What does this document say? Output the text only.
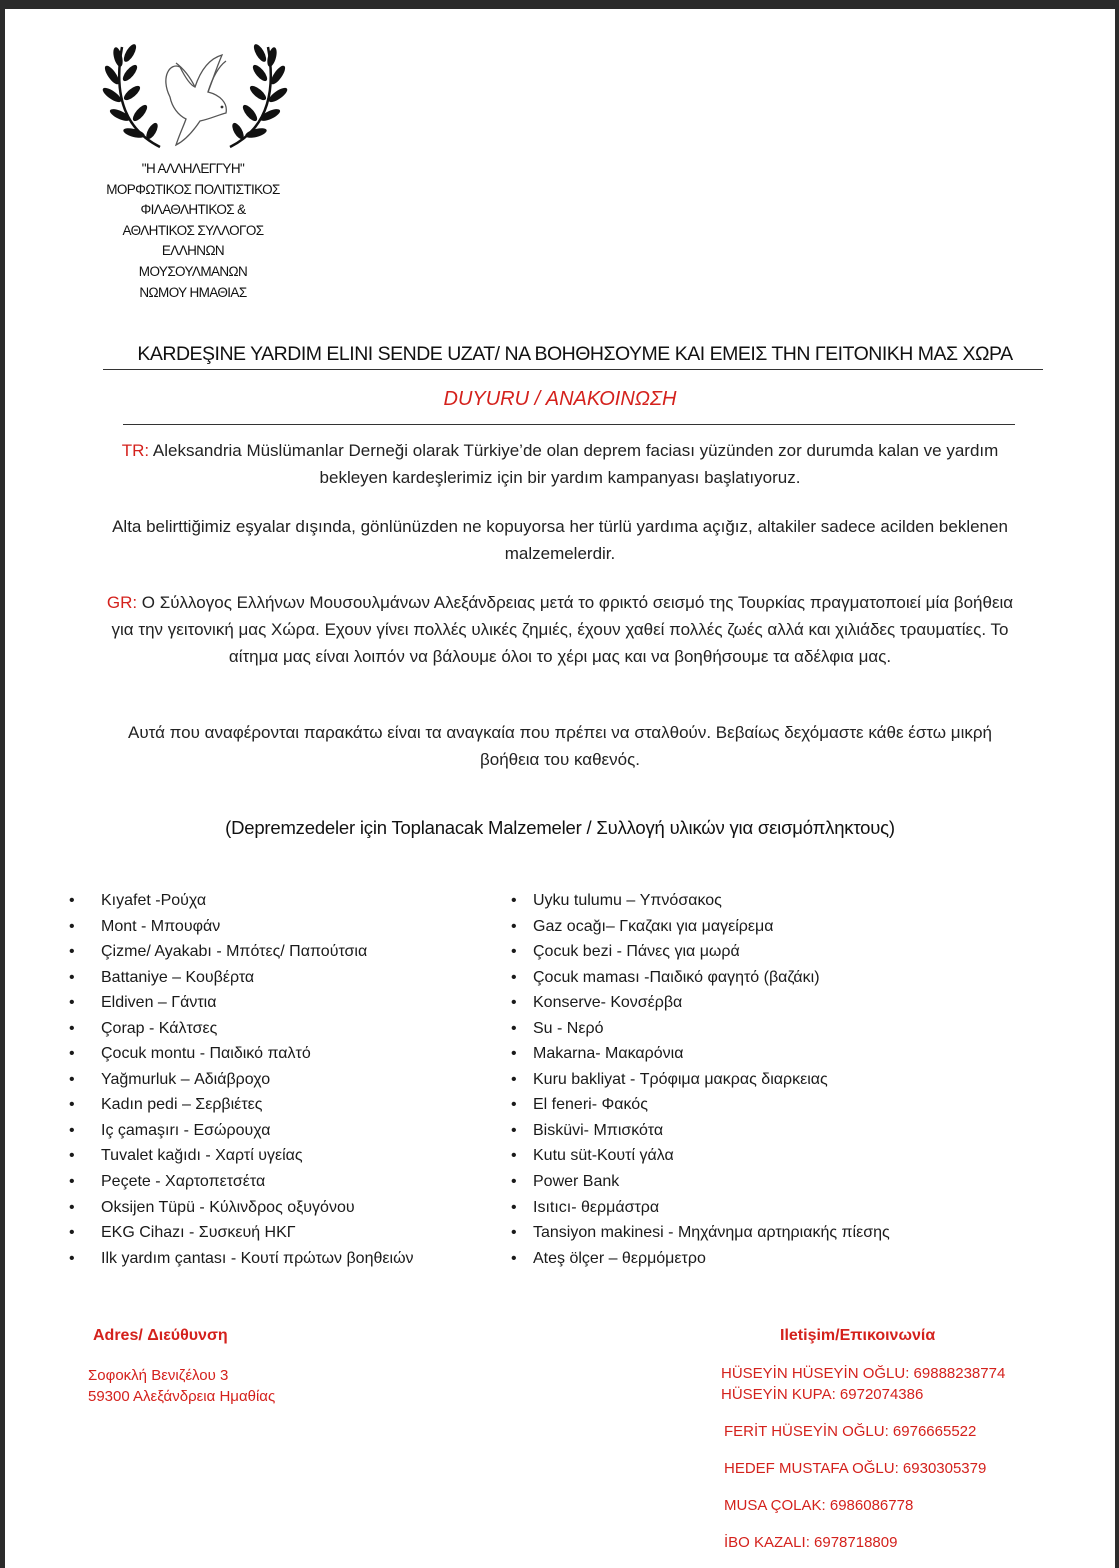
"Η ΑΛΛΗΛΕΓΓΥΗ"
ΜΟΡΦΩΤΙΚΟΣ ΠΟΛΙΤΙΣΤΙΚΟΣ
ΦΙΛΑΘΛΗΤΙΚΟΣ &
ΑΘΛΗΤΙΚΟΣ ΣΥΛΛΟΓΟΣ
ΕΛΛΗΝΩΝ
ΜΟΥΣΟΥΛΜΑΝΩΝ
ΝΩΜΟΥ ΗΜΑΘΙΑΣ
KARDEŞINE YARDIM ELINI SENDE UZAT/ ΝΑ ΒΟΗΘΗΣΟΥΜΕ ΚΑΙ ΕΜΕΙΣ ΤΗΝ ΓΕΙΤΟΝΙΚΗ ΜΑΣ ΧΩΡΑ
DUYURU / ΑΝΑΚΟΙΝΩΣΗ

TR: Aleksandria Müslümanlar Derneği olarak Türkiye’de olan deprem faciası yüzünden zor durumda kalan ve yardım bekleyen kardeşlerimiz için bir yardım kampanyası başlatıyoruz.

Alta belirttiğimiz eşyalar dışında, gönlünüzden ne kopuyorsa her türlü yardıma açığız, altakiler sadece acilden beklenen malzemelerdir.

GR: Ο Σύλλογος Ελλήνων Μουσουλμάνων Αλεξάνδρειας μετά το φρικτό σεισμό της Τουρκίας πραγματοποιεί μία βοήθεια για την γειτονική μας Χώρα. Εχουν γίνει πολλές υλικές ζημιές, έχουν χαθεί πολλές ζωές αλλά και χιλιάδες τραυματίες. Το αίτημα μας είναι λοιπόν να βάλουμε όλοι το χέρι μας και να βοηθήσουμε τα αδέλφια μας.

Αυτά που αναφέρονται παρακάτω είναι τα αναγκαία που πρέπει να σταλθούν. Βεβαίως δεχόμαστε κάθε έστω μικρή βοήθεια του καθενός.

(Depremzedeler için Toplanacak Malzemeler / Συλλογή υλικών για σεισμόπληκτους)
• Kıyafet -Ρούχα
• Mont - Μπουφάν
• Çizme/ Ayakabı - Μπότες/ Παπούτσια
• Battaniye – Κουβέρτα
• Eldiven – Γάντια
• Çorap - Κάλτσες
• Çocuk montu - Παιδικό παλτό
• Yağmurluk – Αδιάβροχο
• Kadın pedi – Σερβιέτες
• Iç çamaşırı - Εσώρουχα
• Tuvalet kağıdı - Χαρτί υγείας
• Peçete - Χαρτοπετσέτα
• Oksijen Tüpü - Κύλινδρος οξυγόνου
• EKG Cihazı - Συσκευή ΗΚΓ
• Ilk yardım çantası - Κουτί πρώτων βοηθειών
• Uyku tulumu – Υπνόσακος
• Gaz ocağı– Γκαζακι για μαγείρεμα
• Çocuk bezi - Πάνες για μωρά
• Çocuk maması -Παιδικό φαγητό (βαζάκι)
• Konserve- Κονσέρβα
• Su - Νερό
• Makarna- Μακαρόνια
• Kuru bakliyat - Τρόφιμα μακρας διαρκειας
• El feneri- Φακός
• Bisküvi- Μπισκότα
• Kutu süt-Κουτί γάλα
• Power Bank
• Isıtıcı- θερμάστρα
• Tansiyon makinesi - Μηχάνημα αρτηριακής πίεσης
• Ateş ölçer – θερμόμετρο
Adres/ Διεύθυνση
Σοφοκλή Βενιζέλου 3
59300 Αλεξάνδρεια Ημαθίας
Iletişim/Επικοινωνία
HÜSEYİN HÜSEYİN OĞLU: 69888238774
HÜSEYİN KUPA: 6972074386
FERİT HÜSEYİN OĞLU: 6976665522
HEDEF MUSTAFA OĞLU: 6930305379
MUSA ÇOLAK: 6986086778
İBO KAZALI: 6978718809
